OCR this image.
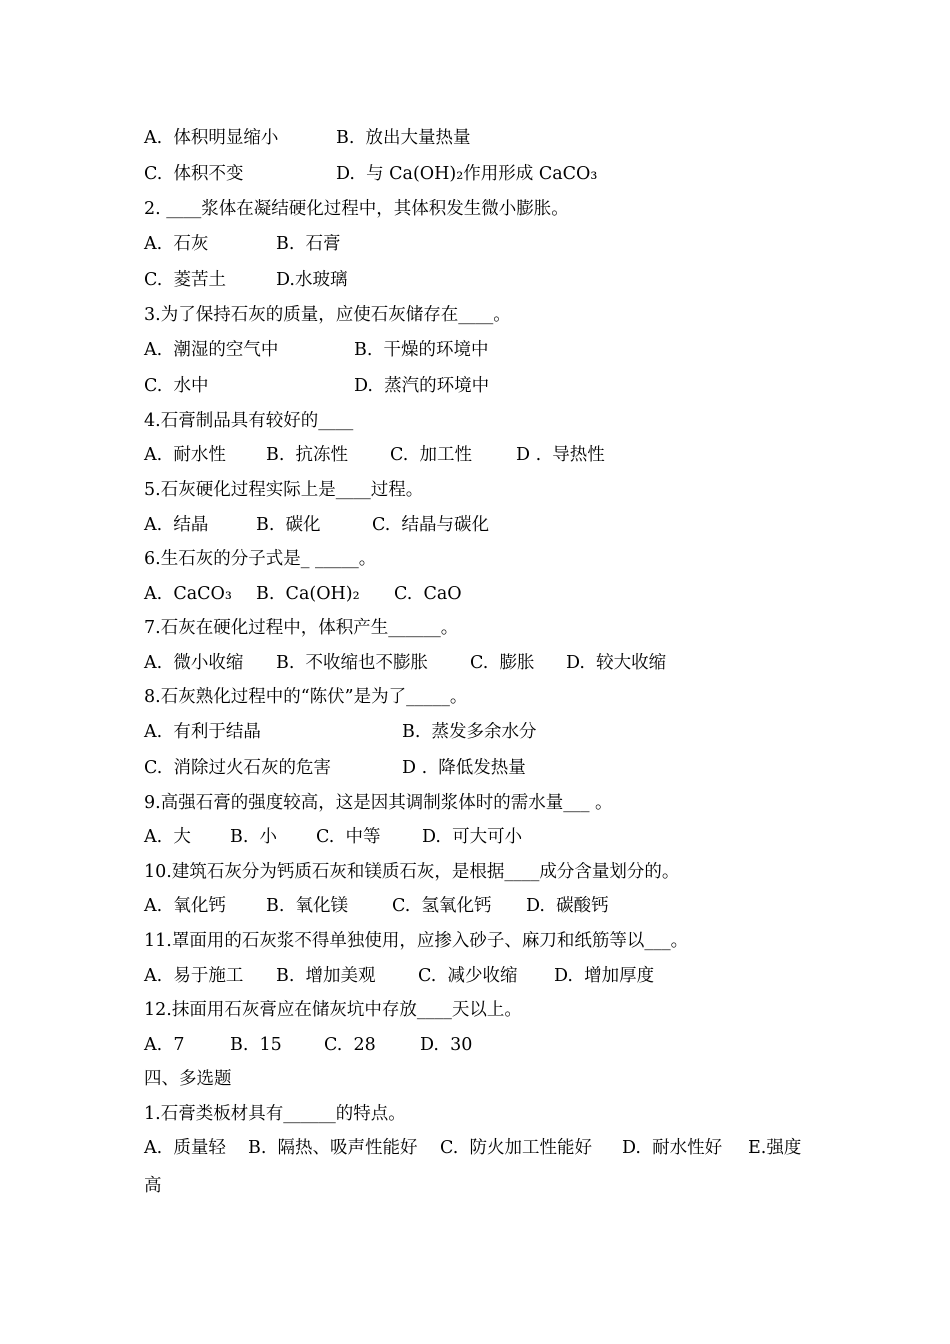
A.  体积明显缩小	B.  放出大量热量
C.  体积不变	D.  与 Ca(OH)₂作用形成 CaCO₃
2. ____浆体在凝结硬化过程中，其体积发生微小膨胀。
A.  石灰	B.  石膏
C.  菱苦土	D.水玻璃
3.为了保持石灰的质量，应使石灰储存在____。
A.  潮湿的空气中	B.  干燥的环境中
C.  水中	D.  蒸汽的环境中
4.石膏制品具有较好的____
A.  耐水性 B.  抗冻性 C.  加工性	D .  导热性
5.石灰硬化过程实际上是____过程。
A.  结晶	B.  碳化	C.  结晶与碳化
6.生石灰的分子式是_ _____。
A.  CaCO₃ B.  Ca(OH)₂ C.  CaO
7.石灰在硬化过程中，体积产生______。
A.  微小收缩 B.  不收缩也不膨胀 C.  膨胀 D.  较大收缩
8.石灰熟化过程中的“陈伏”是为了_____。
A.  有利于结晶	B.  蒸发多余水分
C.  消除过火石灰的危害	D .  降低发热量
9.高强石膏的强度较高，这是因其调制浆体时的需水量___ 。
A.  大 B.  小 C.  中等 D.  可大可小
10.建筑石灰分为钙质石灰和镁质石灰，是根据____成分含量划分的。
A.  氧化钙 B.  氧化镁	C.  氢氧化钙 D.  碳酸钙
11.罩面用的石灰浆不得单独使用，应掺入砂子、麻刀和纸筋等以___。
A.  易于施工 B.  增加美观 C.  减少收缩 D.  增加厚度
12.抹面用石灰膏应在储灰坑中存放____天以上。
A.  7	B.  15 C.  28	D.  30
四、多选题
1.石膏类板材具有______的特点。
A.  质量轻 B.  隔热、吸声性能好 C.  防火加工性能好 D.  耐水性好 E.强度
高
